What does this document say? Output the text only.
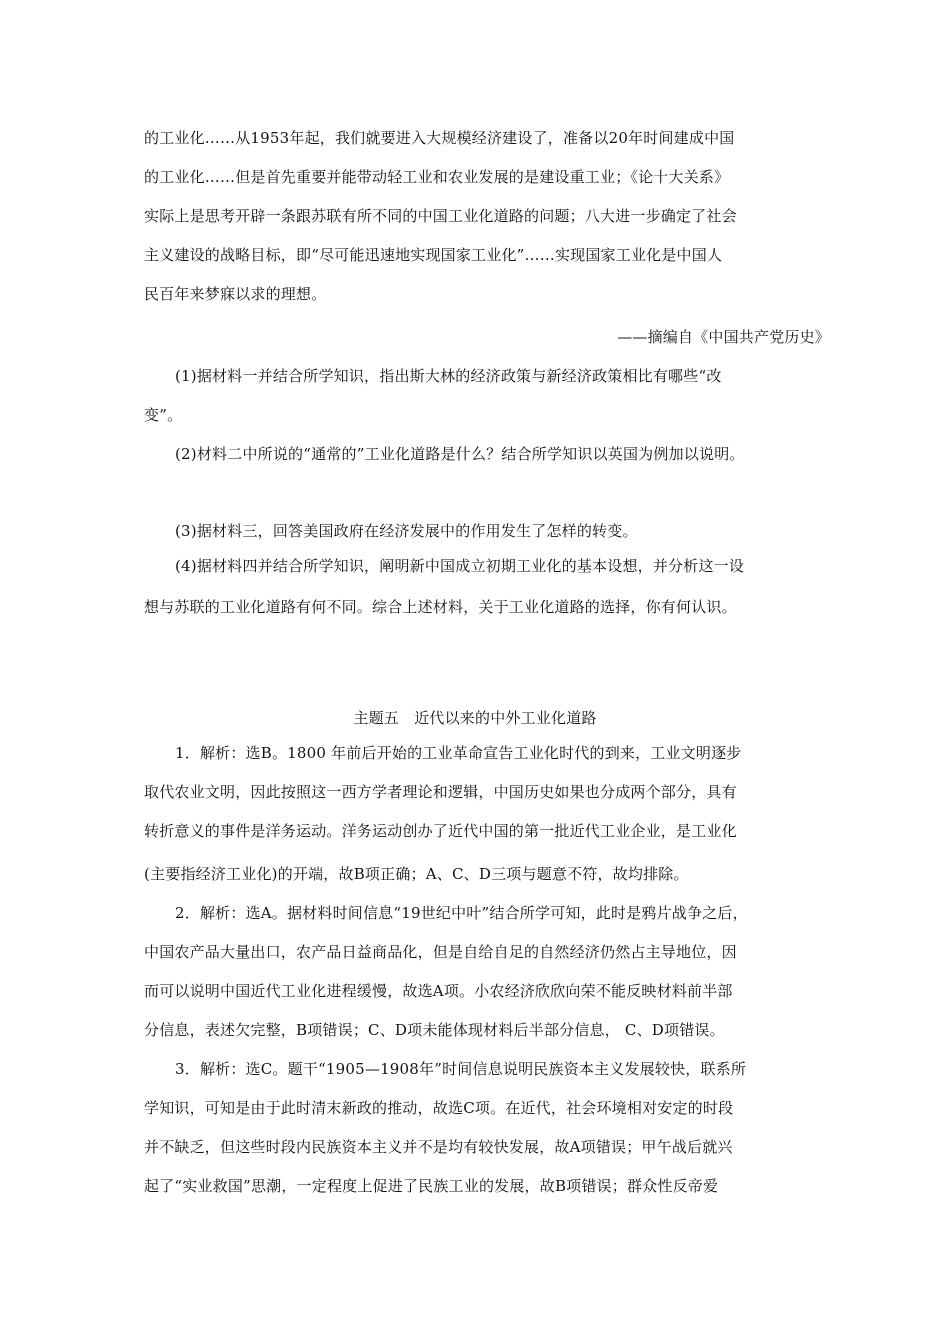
的工业化……从1953年起，我们就要进入大规模经济建设了，准备以20年时间建成中国
的工业化……但是首先重要并能带动轻工业和农业发展的是建设重工业；《论十大关系》
实际上是思考开辟一条跟苏联有所不同的中国工业化道路的问题；八大进一步确定了社会
主义建设的战略目标，即“尽可能迅速地实现国家工业化”……实现国家工业化是中国人
民百年来梦寐以求的理想。
——摘编自《中国共产党历史》
(1)据材料一并结合所学知识，指出斯大林的经济政策与新经济政策相比有哪些“改
变”。
(2)材料二中所说的“通常的”工业化道路是什么？结合所学知识以英国为例加以说明。
(3)据材料三，回答美国政府在经济发展中的作用发生了怎样的转变。
(4)据材料四并结合所学知识，阐明新中国成立初期工业化的基本设想，并分析这一设
想与苏联的工业化道路有何不同。综合上述材料，关于工业化道路的选择，你有何认识。
主题五　近代以来的中外工业化道路
1．解析：选B。1800 年前后开始的工业革命宣告工业化时代的到来，工业文明逐步
取代农业文明，因此按照这一西方学者理论和逻辑，中国历史如果也分成两个部分，具有
转折意义的事件是洋务运动。洋务运动创办了近代中国的第一批近代工业企业，是工业化
(主要指经济工业化)的开端，故B项正确；A、C、D三项与题意不符，故均排除。
2．解析：选A。据材料时间信息“19世纪中叶”结合所学可知，此时是鸦片战争之后，
中国农产品大量出口，农产品日益商品化，但是自给自足的自然经济仍然占主导地位，因
而可以说明中国近代工业化进程缓慢，故选A项。小农经济欣欣向荣不能反映材料前半部
分信息，表述欠完整，B项错误；C、D项未能体现材料后半部分信息， C、D项错误。
3．解析：选C。题干“1905—1908年”时间信息说明民族资本主义发展较快，联系所
学知识，可知是由于此时清末新政的推动，故选C项。在近代，社会环境相对安定的时段
并不缺乏，但这些时段内民族资本主义并不是均有较快发展，故A项错误；甲午战后就兴
起了“实业救国”思潮，一定程度上促进了民族工业的发展，故B项错误；群众性反帝爱
